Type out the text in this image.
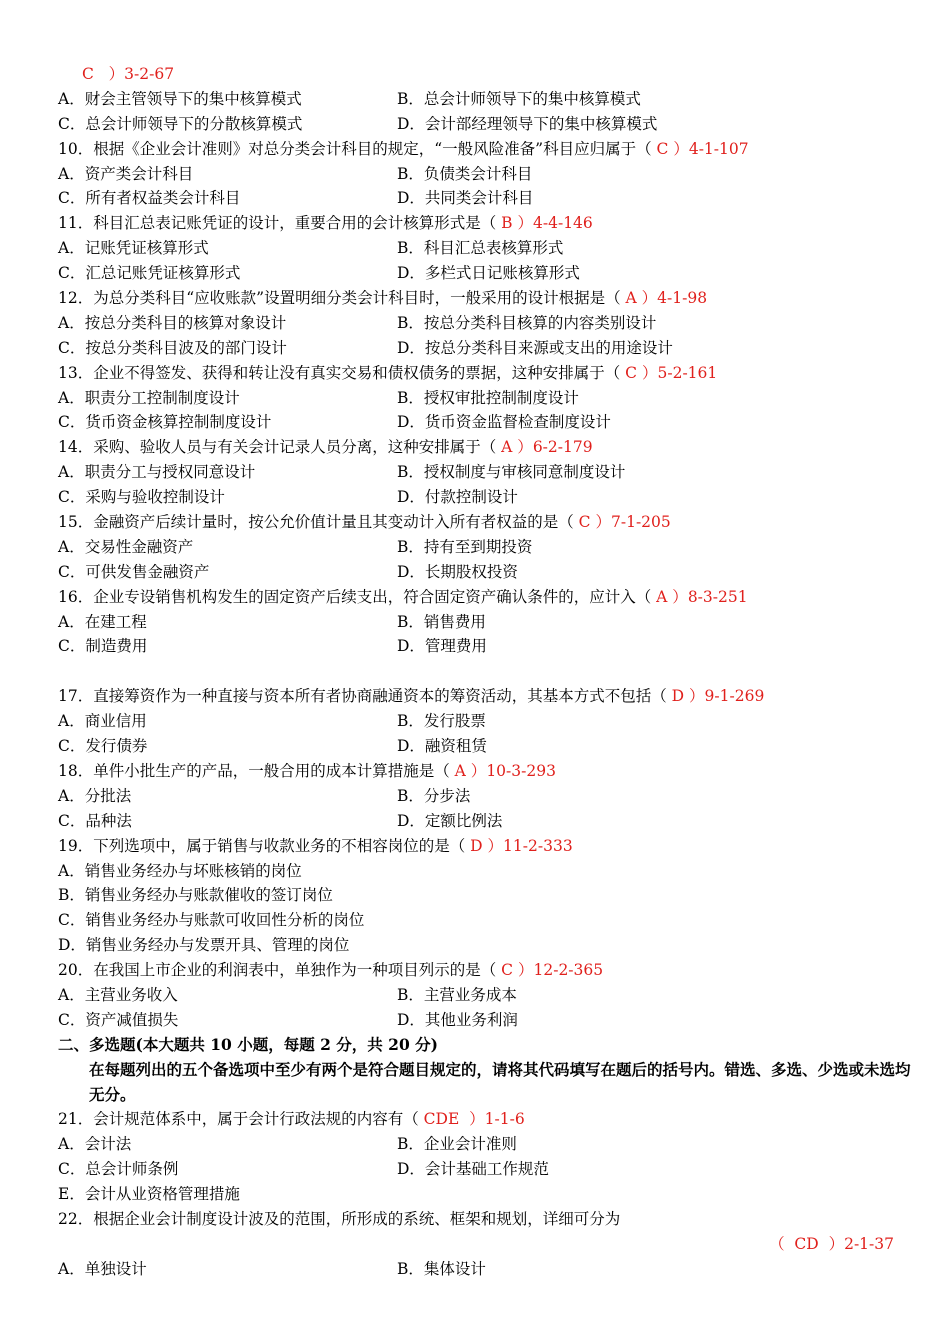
C   ）3-2-67
A．财会主管领导下的集中核算模式	B．总会计师领导下的集中核算模式
C．总会计师领导下的分散核算模式	D．会计部经理领导下的集中核算模式
10．根据《企业会计准则》对总分类会计科目的规定，“一般风险准备”科目应归属于（ C ）4-1-107
A．资产类会计科目	B．负债类会计科目
C．所有者权益类会计科目	D．共同类会计科目
11．科目汇总表记账凭证的设计，重要合用的会计核算形式是（ B ）4-4-146
A．记账凭证核算形式	B．科目汇总表核算形式
C．汇总记账凭证核算形式	D．多栏式日记账核算形式
12．为总分类科目“应收账款”设置明细分类会计科目时，一般采用的设计根据是（ A ）4-1-98
A．按总分类科目的核算对象设计	B．按总分类科目核算的内容类别设计
C．按总分类科目波及的部门设计	D．按总分类科目来源或支出的用途设计
13．企业不得签发、获得和转让没有真实交易和债权债务的票据，这种安排属于（ C ）5-2-161
A．职责分工控制制度设计	B．授权审批控制制度设计
C．货币资金核算控制制度设计	D．货币资金监督检查制度设计
14．采购、验收人员与有关会计记录人员分离，这种安排属于（ A ）6-2-179
A．职责分工与授权同意设计	B．授权制度与审核同意制度设计
C．采购与验收控制设计	D．付款控制设计
15．金融资产后续计量时，按公允价值计量且其变动计入所有者权益的是（ C ）7-1-205
A．交易性金融资产	B．持有至到期投资
C．可供发售金融资产	D．长期股权投资
16．企业专设销售机构发生的固定资产后续支出，符合固定资产确认条件的，应计入（ A ）8-3-251
A．在建工程	B．销售费用
C．制造费用	D．管理费用
17．直接筹资作为一种直接与资本所有者协商融通资本的筹资活动，其基本方式不包括（ D ）9-1-269
A．商业信用	B．发行股票
C．发行债券	D．融资租赁
18．单件小批生产的产品，一般合用的成本计算措施是（ A ）10-3-293
A．分批法	B．分步法
C．品种法	D．定额比例法
19．下列选项中，属于销售与收款业务的不相容岗位的是（ D ）11-2-333
A．销售业务经办与坏账核销的岗位
B．销售业务经办与账款催收的签订岗位
C．销售业务经办与账款可收回性分析的岗位
D．销售业务经办与发票开具、管理的岗位
20．在我国上市企业的利润表中，单独作为一种项目列示的是（ C ）12-2-365
A．主营业务收入	B．主营业务成本
C．资产减值损失	D．其他业务利润
二、多选题(本大题共 10 小题，每题 2 分，共 20 分)
在每题列出的五个备选项中至少有两个是符合题目规定的，请将其代码填写在题后的括号内。错选、多选、少选或未选均无分。
21．会计规范体系中，属于会计行政法规的内容有（ CDE  ）1-1-6
A．会计法	B．企业会计准则
C．总会计师条例	D．会计基础工作规范
E．会计从业资格管理措施
22．根据企业会计制度设计波及的范围，所形成的系统、框架和规划，详细可分为
（  CD  ）2-1-37
A．单独设计	B．集体设计
